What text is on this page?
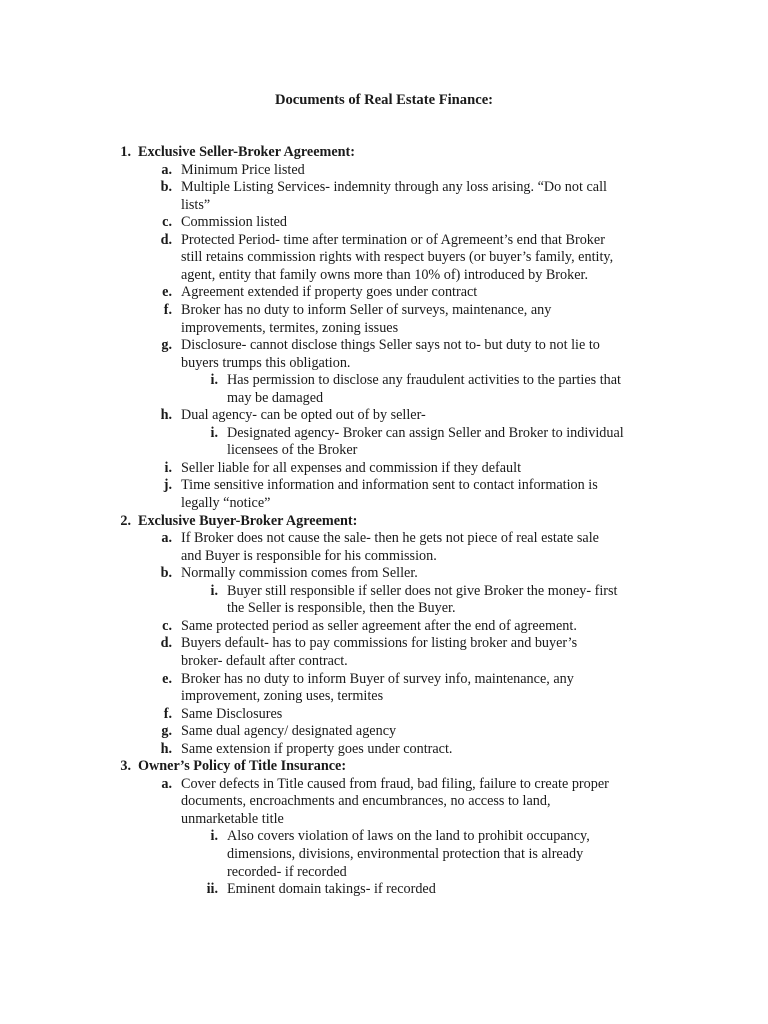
Documents of Real Estate Finance:
1. Exclusive Seller-Broker Agreement:
a. Minimum Price listed
b. Multiple Listing Services- indemnity through any loss arising. “Do not call
lists”
c. Commission listed
d. Protected Period- time after termination or of Agremeent’s end that Broker
still retains commission rights with respect buyers (or buyer’s family, entity,
agent, entity that family owns more than 10% of) introduced by Broker.
e. Agreement extended if property goes under contract
f. Broker has no duty to inform Seller of surveys, maintenance, any
improvements, termites, zoning issues
g. Disclosure- cannot disclose things Seller says not to- but duty to not lie to
buyers trumps this obligation.
i. Has permission to disclose any fraudulent activities to the parties that
may be damaged
h. Dual agency- can be opted out of by seller-
i. Designated agency- Broker can assign Seller and Broker to individual
licensees of the Broker
i. Seller liable for all expenses and commission if they default
j. Time sensitive information and information sent to contact information is
legally “notice”
2. Exclusive Buyer-Broker Agreement:
a. If Broker does not cause the sale- then he gets not piece of real estate sale
and Buyer is responsible for his commission.
b. Normally commission comes from Seller.
i. Buyer still responsible if seller does not give Broker the money- first
the Seller is responsible, then the Buyer.
c. Same protected period as seller agreement after the end of agreement.
d. Buyers default- has to pay commissions for listing broker and buyer’s
broker- default after contract.
e. Broker has no duty to inform Buyer of survey info, maintenance, any
improvement, zoning uses, termites
f. Same Disclosures
g. Same dual agency/ designated agency
h. Same extension if property goes under contract.
3. Owner’s Policy of Title Insurance:
a. Cover defects in Title caused from fraud, bad filing, failure to create proper
documents, encroachments and encumbrances, no access to land,
unmarketable title
i. Also covers violation of laws on the land to prohibit occupancy,
dimensions, divisions, environmental protection that is already
recorded- if recorded
ii. Eminent domain takings- if recorded
